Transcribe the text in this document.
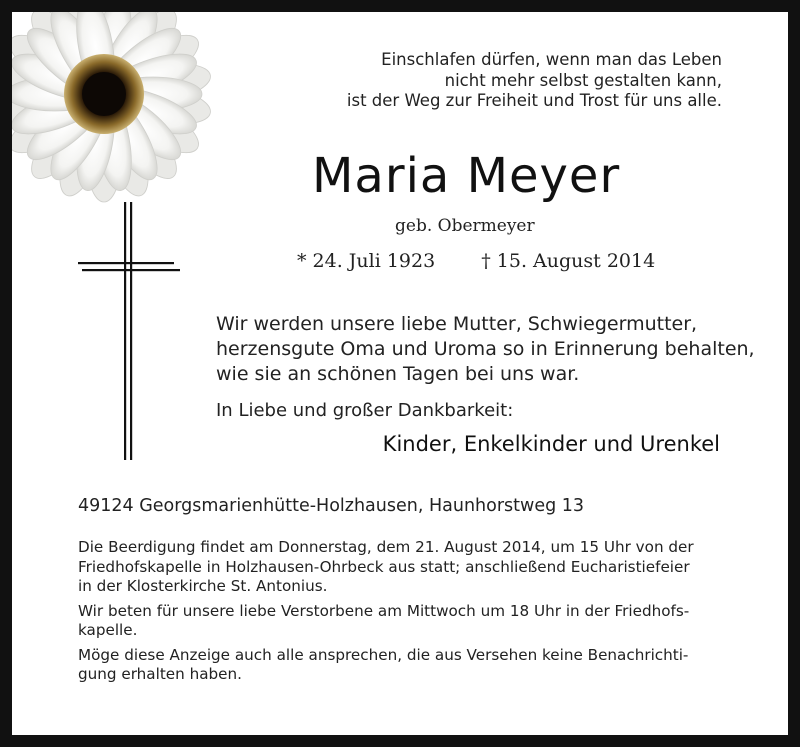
Einschlafen dürfen, wenn man das Leben
nicht mehr selbst gestalten kann,
ist der Weg zur Freiheit und Trost für uns alle.
Maria Meyer
geb. Obermeyer
* 24. Juli 1923 † 15. August 2014
Wir werden unsere liebe Mutter, Schwiegermutter,
herzensgute Oma und Uroma so in Erinnerung behalten,
wie sie an schönen Tagen bei uns war.
In Liebe und großer Dankbarkeit:
Kinder, Enkelkinder und Urenkel
49124 Georgsmarienhütte-Holzhausen, Haunhorstweg 13

Die Beerdigung findet am Donnerstag, dem 21. August 2014, um 15 Uhr von der
Friedhofskapelle in Holzhausen-Ohrbeck aus statt; anschließend Eucharistiefeier
in der Klosterkirche St. Antonius.

Wir beten für unsere liebe Verstorbene am Mittwoch um 18 Uhr in der Friedhofs-
kapelle.

Möge diese Anzeige auch alle ansprechen, die aus Versehen keine Benachrichti-
gung erhalten haben.
